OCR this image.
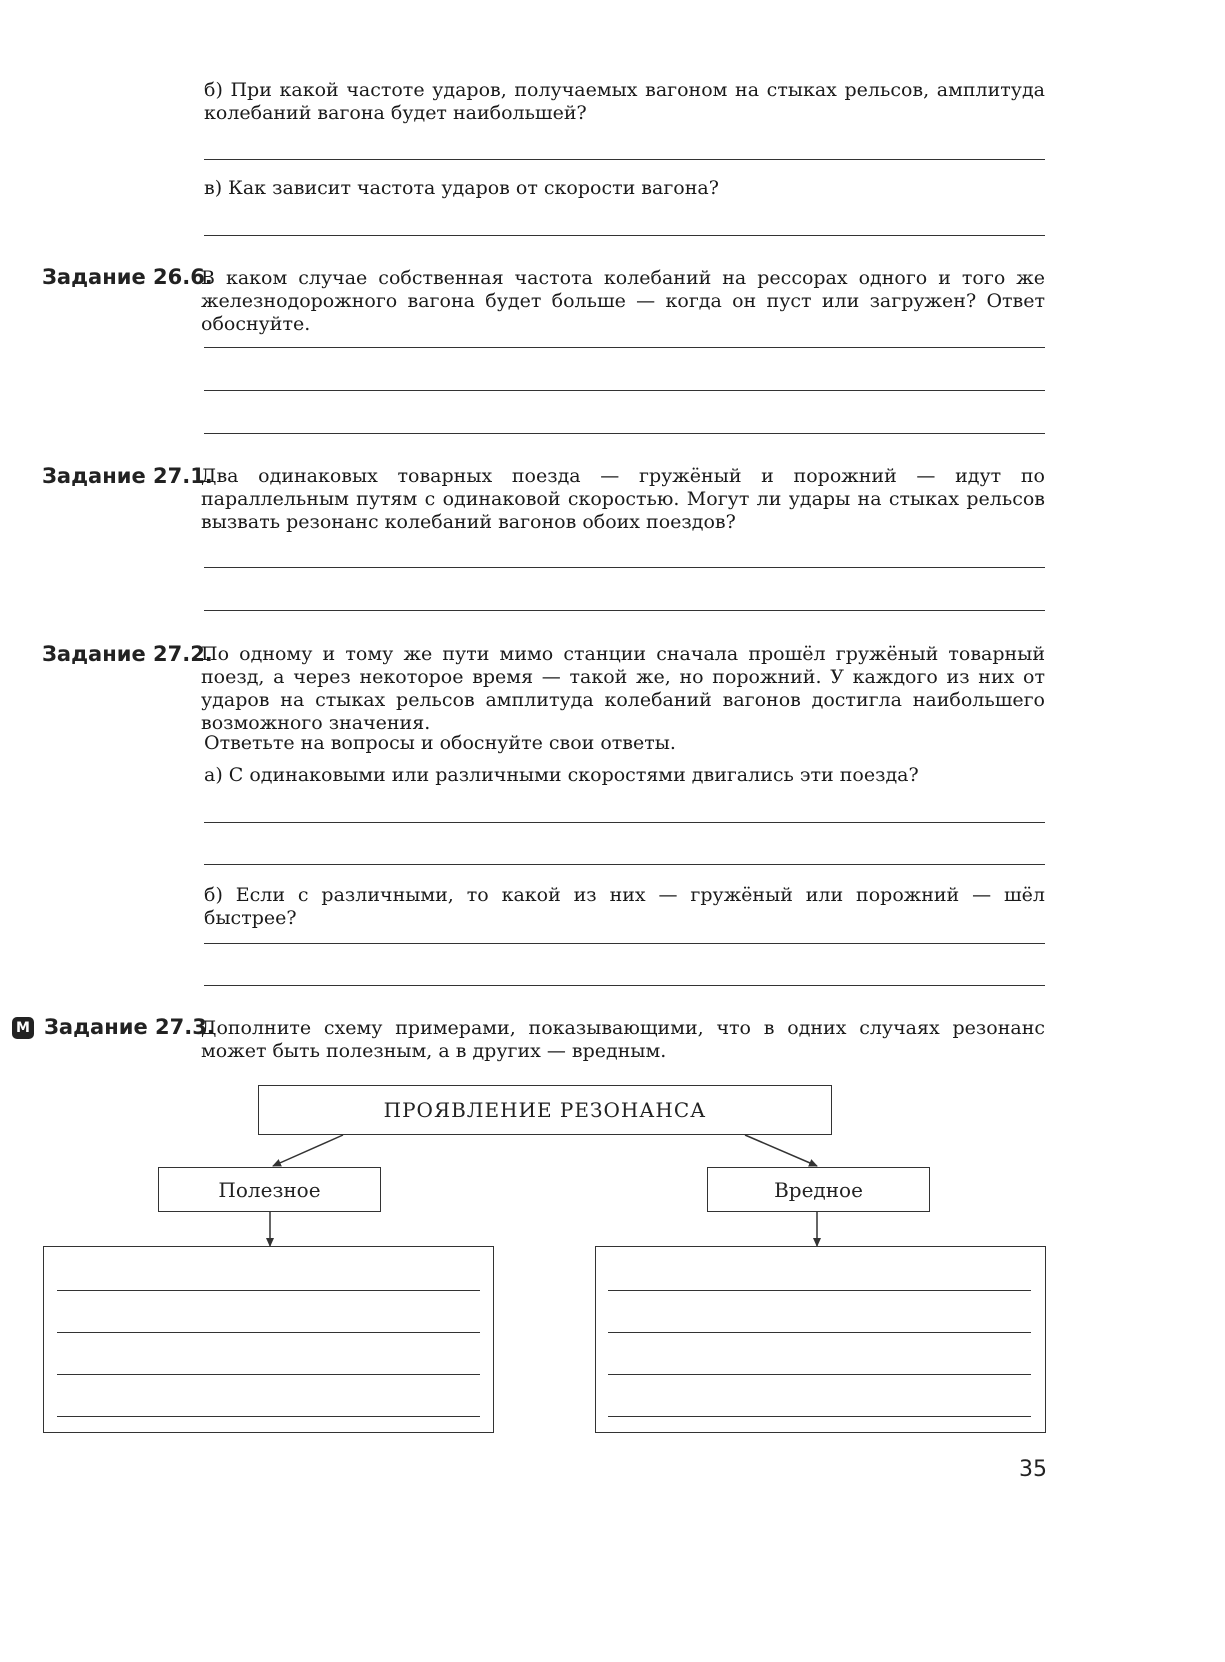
б) При какой частоте ударов, получаемых вагоном на стыках рельсов, амплитуда колебаний вагона будет наибольшей?

в) Как зависит частота ударов от скорости вагона?

Задание 26.6.

В каком случае собственная частота колебаний на рессорах одного и того же железнодорожного вагона будет больше — когда он пуст или загружен? Ответ обоснуйте.

Задание 27.1.

Два одинаковых товарных поезда — гружёный и порожний — идут по параллельным путям с одинаковой скоростью. Могут ли удары на стыках рельсов вызвать резонанс колебаний вагонов обоих поездов?

Задание 27.2.

По одному и тому же пути мимо станции сначала прошёл гружёный товарный поезд, а через некоторое время — такой же, но порожний. У каждого из них от ударов на стыках рельсов амплитуда колебаний вагонов достигла наибольшего возможного значения.

Ответьте на вопросы и обоснуйте свои ответы.

а) С одинаковыми или различными скоростями двигались эти поезда?

б) Если с различными, то какой из них — гружёный или порожний — шёл быстрее?

М Задание 27.3.

Дополните схему примерами, показывающими, что в одних случаях резонанс может быть полезным, а в других — вредным.

ПРОЯВЛЕНИЕ РЕЗОНАНСА
Полезное	Вредное
35
